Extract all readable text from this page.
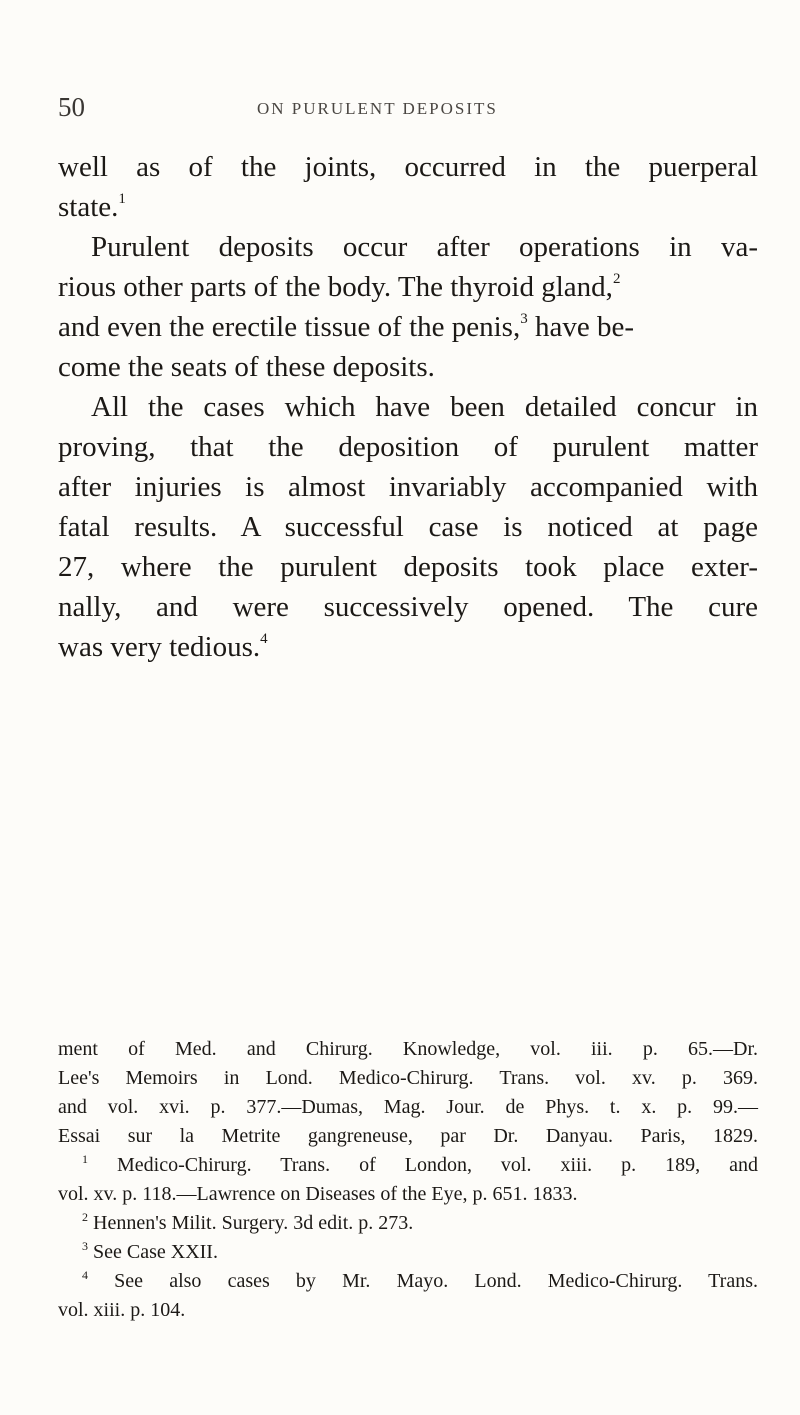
50	ON PURULENT DEPOSITS
well as of the joints, occurred in the puerperal
state.$^1$
Purulent deposits occur after operations in va-
rious other parts of the body. The thyroid gland,$^2$
and even the erectile tissue of the penis,$^3$ have be-
come the seats of these deposits.
All the cases which have been detailed concur in
proving, that the deposition of purulent matter
after injuries is almost invariably accompanied with
fatal results. A successful case is noticed at page
27, where the purulent deposits took place exter-
nally, and were successively opened. The cure
was very tedious.$^4$
ment of Med. and Chirurg. Knowledge, vol. iii. p. 65.—Dr.
Lee's Memoirs in Lond. Medico-Chirurg. Trans. vol. xv. p. 369.
and vol. xvi. p. 377.—Dumas, Mag. Jour. de Phys. t. x. p. 99.—
Essai sur la Metrite gangreneuse, par Dr. Danyau. Paris, 1829.
$^1$ Medico-Chirurg. Trans. of London, vol. xiii. p. 189, and
vol. xv. p. 118.—Lawrence on Diseases of the Eye, p. 651. 1833.
$^2$ Hennen's Milit. Surgery. 3d edit. p. 273.
$^3$ See Case XXII.
$^4$ See also cases by Mr. Mayo. Lond. Medico-Chirurg. Trans.
vol. xiii. p. 104.
